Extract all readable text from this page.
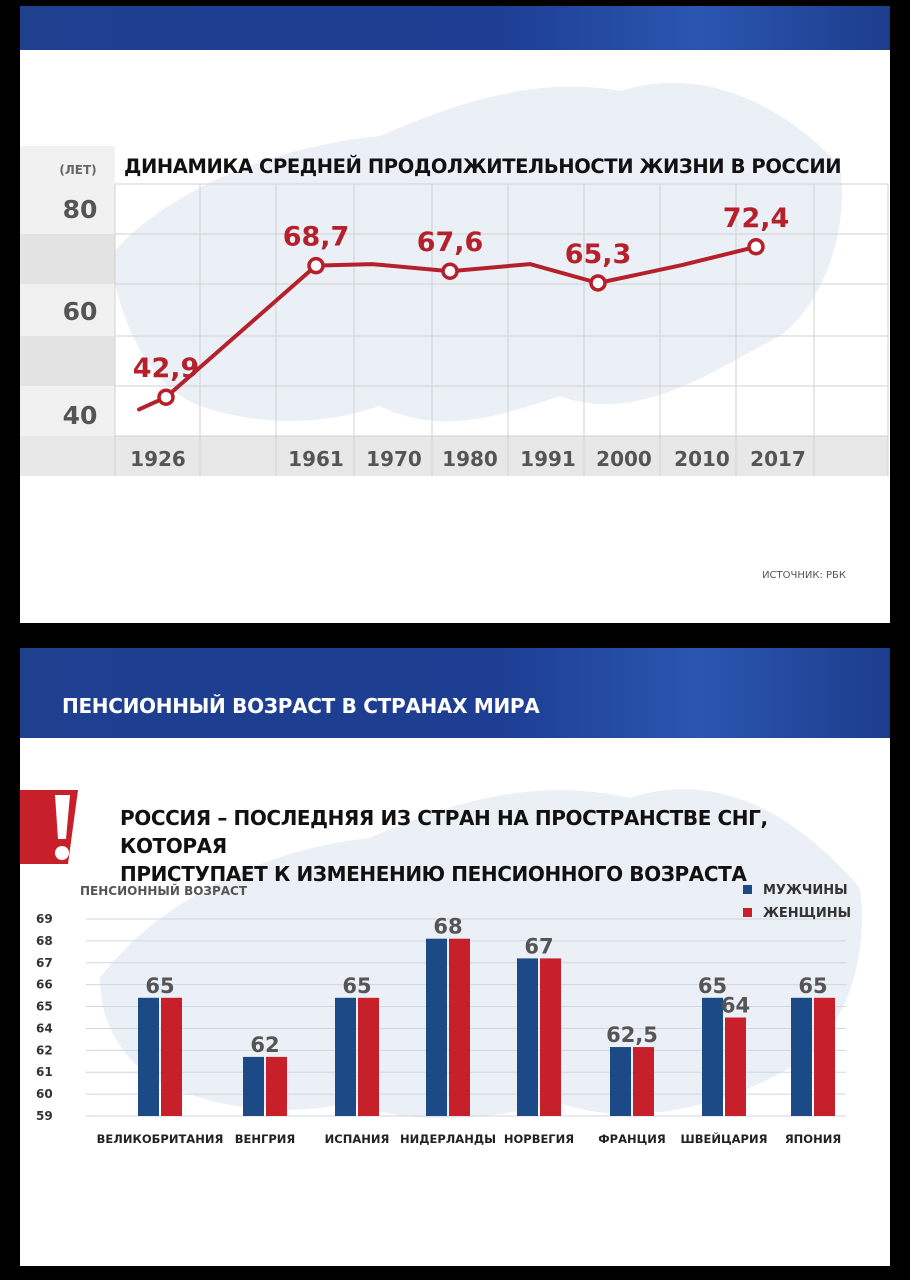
(ЛЕТ) ДИНАМИКА СРЕДНЕЙ ПРОДОЛЖИТЕЛЬНОСТИ ЖИЗНИ В РОССИИ
80
60
40
1926	1961 1970 1980 1991 2000 2010 2017
42,9
68,7 67,6	65,3
72,4
ИСТОЧНИК: РБК
ПЕНСИОННЫЙ ВОЗРАСТ В СТРАНАХ МИРА
ПЕНСИОННЫЙ ВОЗРАСТ
69
68
67
66
65
64
62
61
60
59
65
62
65
68
67
62,5
65
64
65
ВЕЛИКОБРИТАНИЯ ВЕНГРИЯ	ИСПАНИЯ НИДЕРЛАНДЫ НОРВЕГИЯ ФРАНЦИЯ ШВЕЙЦАРИЯ ЯПОНИЯ
МУЖЧИНЫ
ЖЕНЩИНЫ
РОССИЯ – ПОСЛЕДНЯЯ ИЗ СТРАН НА ПРОСТРАНСТВЕ СНГ, КОТОРАЯ
ПРИСТУПАЕТ К ИЗМЕНЕНИЮ ПЕНСИОННОГО ВОЗРАСТА
